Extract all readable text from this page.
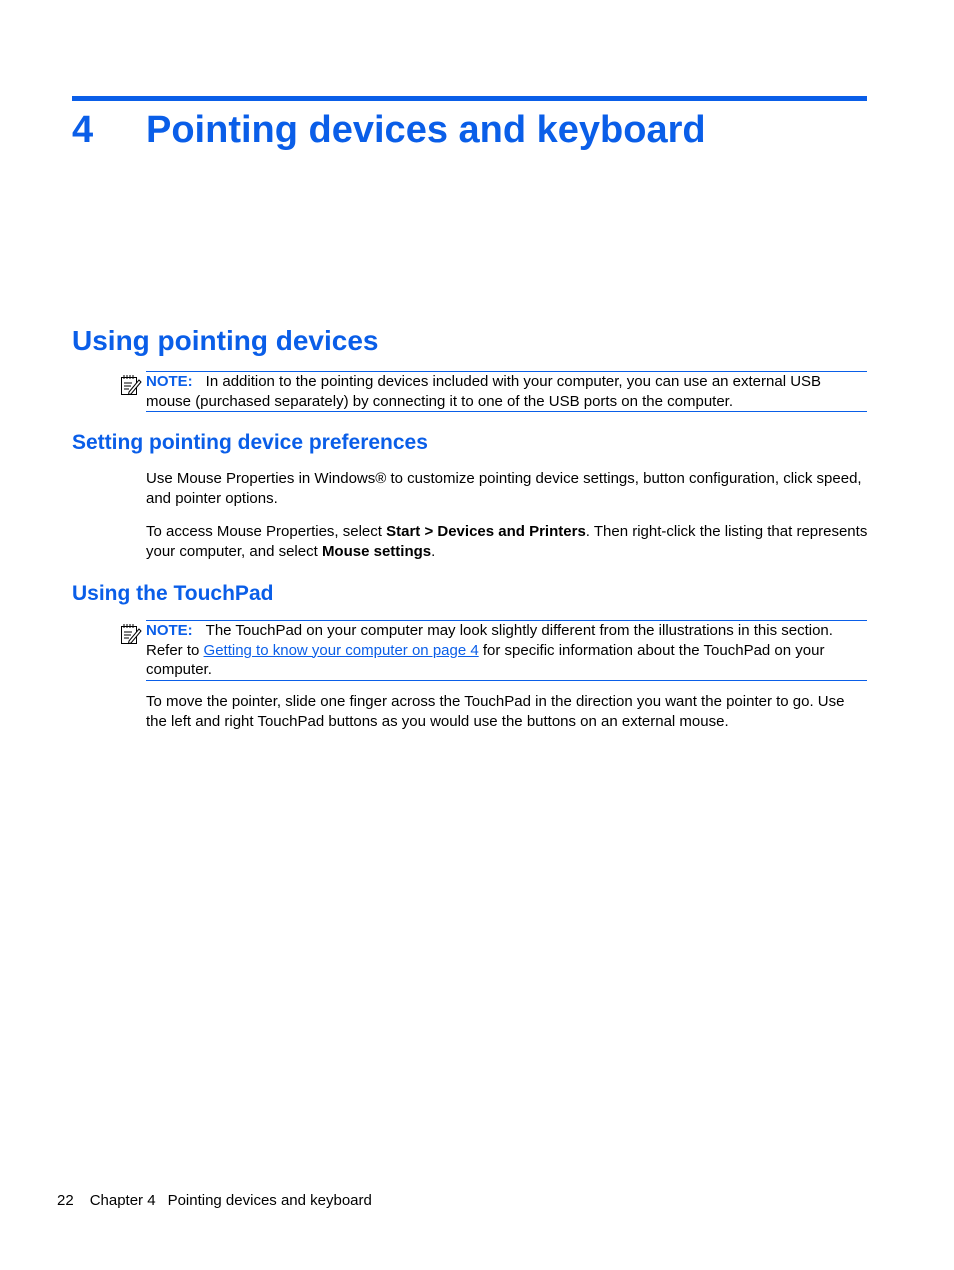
4 Pointing devices and keyboard
Using pointing devices
NOTE: In addition to the pointing devices included with your computer, you can use an external USB mouse (purchased separately) by connecting it to one of the USB ports on the computer.
Setting pointing device preferences
Use Mouse Properties in Windows® to customize pointing device settings, button configuration, click speed, and pointer options.
To access Mouse Properties, select Start > Devices and Printers. Then right-click the listing that represents your computer, and select Mouse settings.
Using the TouchPad
NOTE: The TouchPad on your computer may look slightly different from the illustrations in this section. Refer to Getting to know your computer on page 4 for specific information about the TouchPad on your computer.
To move the pointer, slide one finger across the TouchPad in the direction you want the pointer to go. Use the left and right TouchPad buttons as you would use the buttons on an external mouse.
22 Chapter 4 Pointing devices and keyboard
